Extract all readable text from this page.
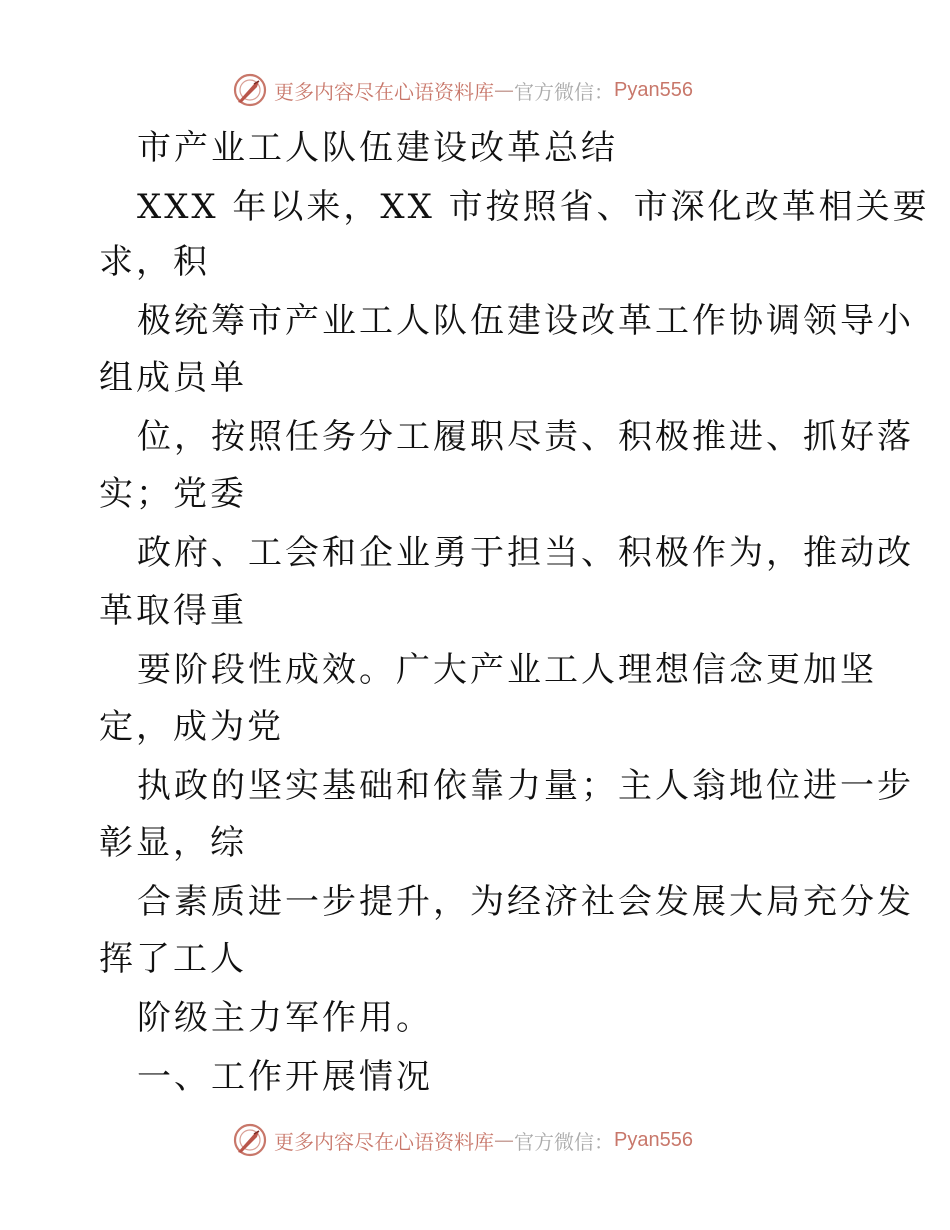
更多内容尽在心语资料库 — 官方微信： Pyan556
市产业工人队伍建设改革总结
XXX 年以来，XX 市按照省、市深化改革相关要
求，积
极统筹市产业工人队伍建设改革工作协调领导小
组成员单
位，按照任务分工履职尽责、积极推进、抓好落
实；党委
政府、工会和企业勇于担当、积极作为，推动改
革取得重
要阶段性成效。广大产业工人理想信念更加坚
定，成为党
执政的坚实基础和依靠力量；主人翁地位进一步
彰显，综
合素质进一步提升，为经济社会发展大局充分发
挥了工人
阶级主力军作用。
一、工作开展情况
更多内容尽在心语资料库 — 官方微信： Pyan556
